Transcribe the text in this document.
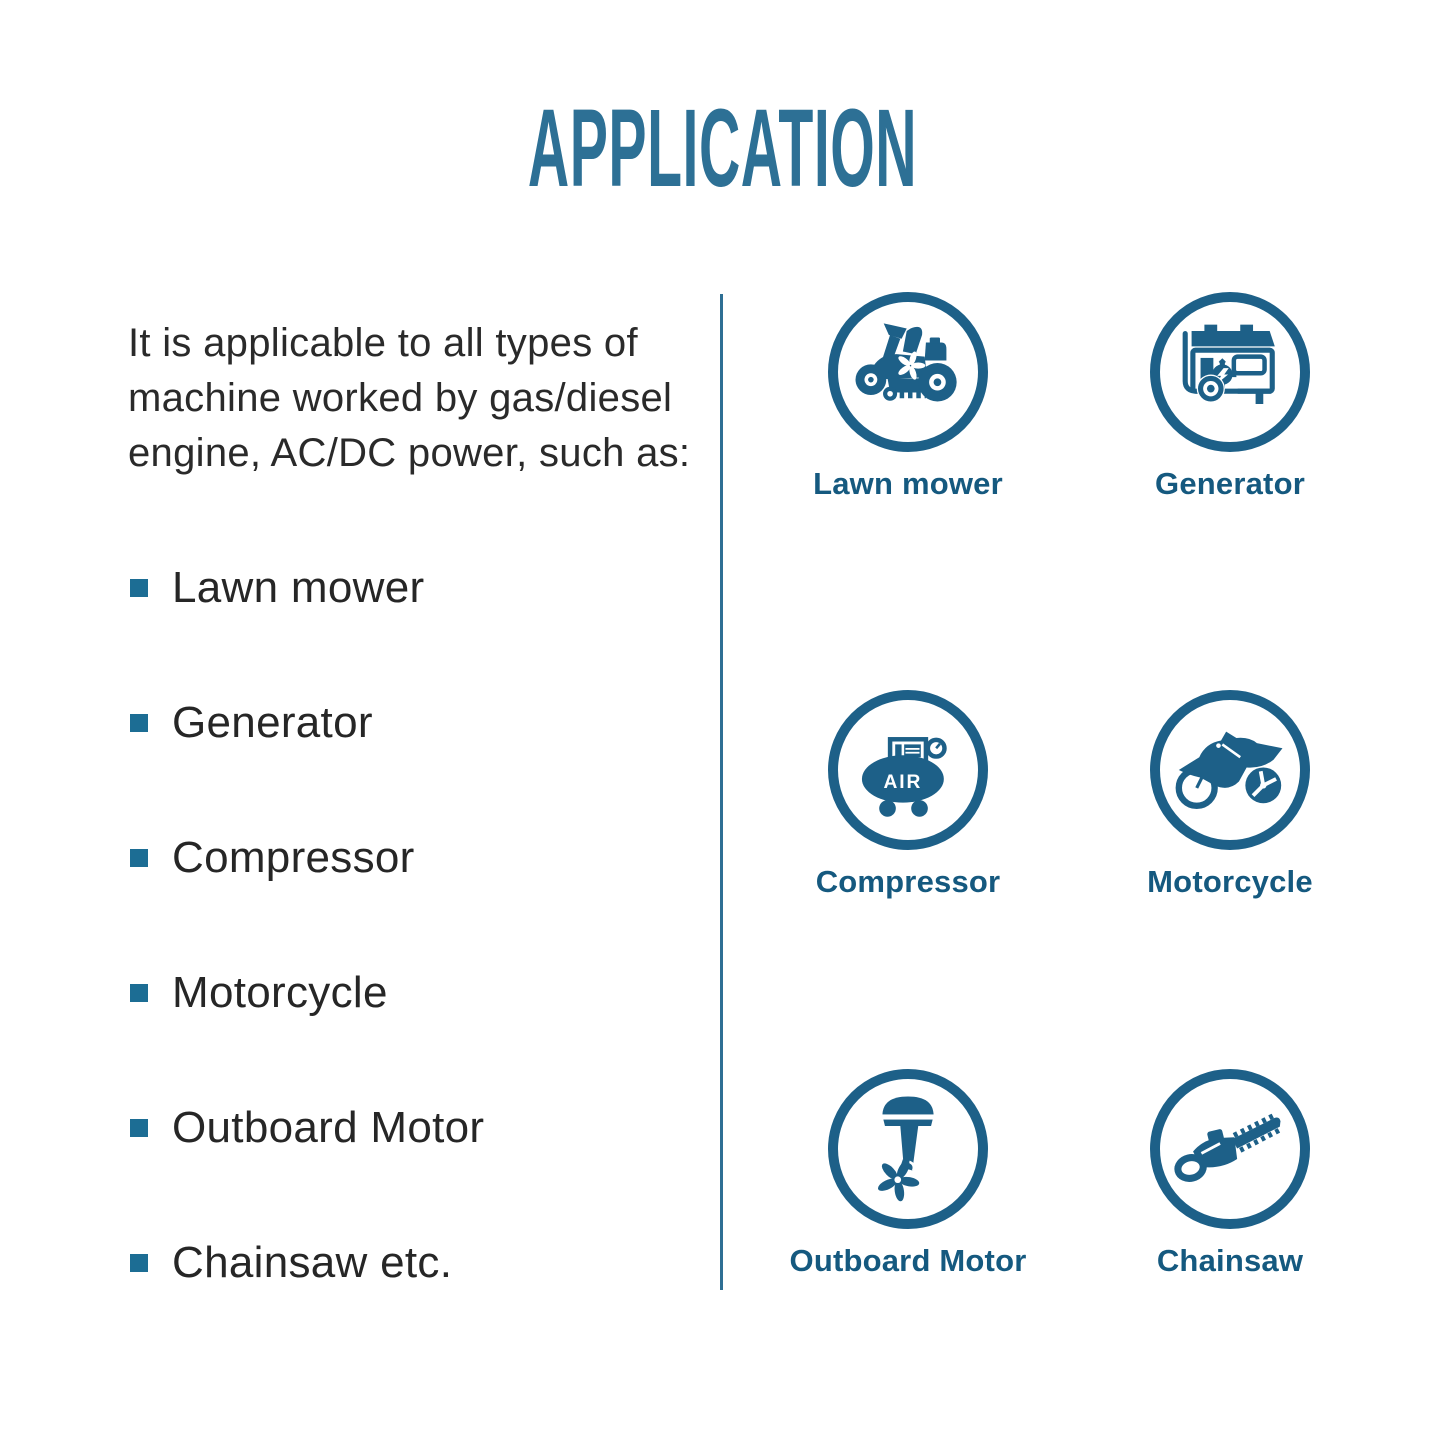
APPLICATION
It is applicable to all types of
machine worked by gas/diesel
engine, AC/DC power, such as:
Lawn mower
Generator
Compressor
Motorcycle
Outboard Motor
Chainsaw etc.
Lawn mower	Generator
AIR
Compressor	Motorcycle
Outboard Motor	Chainsaw
